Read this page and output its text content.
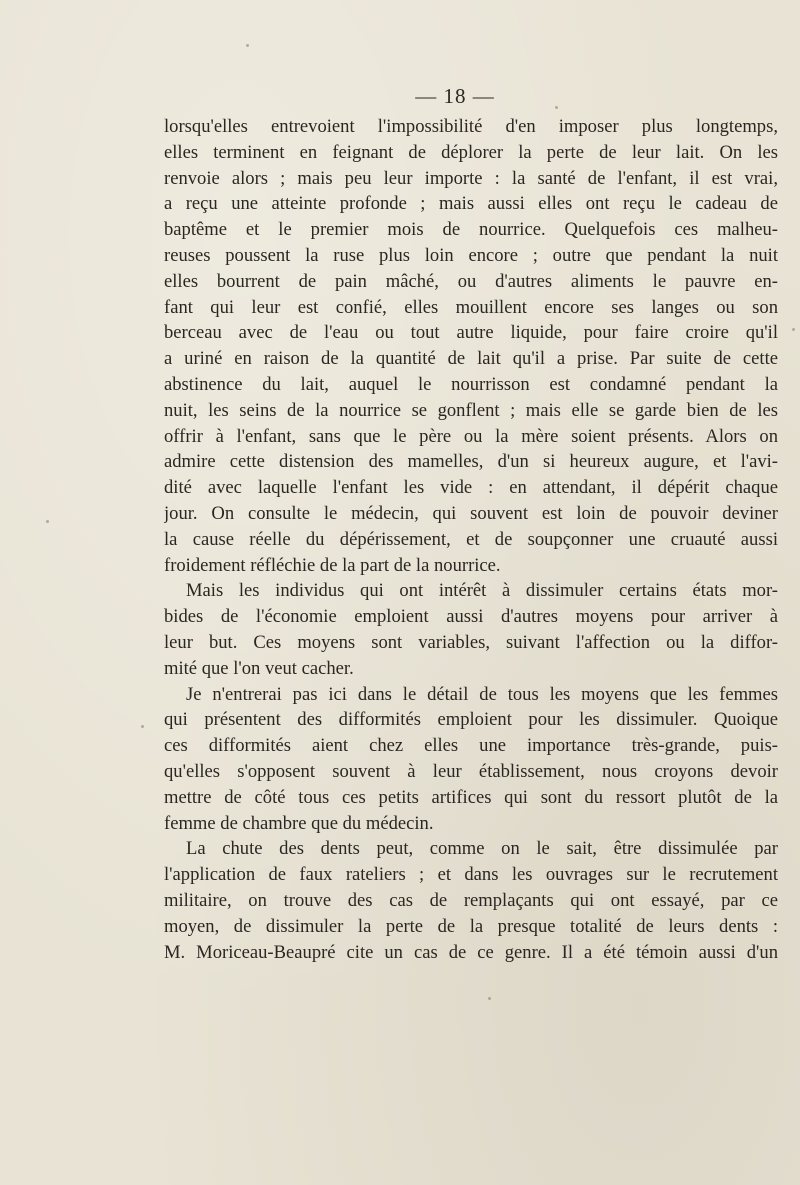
— 18 —
lorsqu'elles entrevoient l'impossibilité d'en imposer plus longtemps,
elles terminent en feignant de déplorer la perte de leur lait. On les
renvoie alors ; mais peu leur importe : la santé de l'enfant, il est vrai,
a reçu une atteinte profonde ; mais aussi elles ont reçu le cadeau de
baptême et le premier mois de nourrice. Quelquefois ces malheu-
reuses poussent la ruse plus loin encore ; outre que pendant la nuit
elles bourrent de pain mâché, ou d'autres aliments le pauvre en-
fant qui leur est confié, elles mouillent encore ses langes ou son
berceau avec de l'eau ou tout autre liquide, pour faire croire qu'il
a uriné en raison de la quantité de lait qu'il a prise. Par suite de cette
abstinence du lait, auquel le nourrisson est condamné pendant la
nuit, les seins de la nourrice se gonflent ; mais elle se garde bien de les
offrir à l'enfant, sans que le père ou la mère soient présents. Alors on
admire cette distension des mamelles, d'un si heureux augure, et l'avi-
dité avec laquelle l'enfant les vide : en attendant, il dépérit chaque
jour. On consulte le médecin, qui souvent est loin de pouvoir deviner
la cause réelle du dépérissement, et de soupçonner une cruauté aussi
froidement réfléchie de la part de la nourrice.
Mais les individus qui ont intérêt à dissimuler certains états mor-
bides de l'économie emploient aussi d'autres moyens pour arriver à
leur but. Ces moyens sont variables, suivant l'affection ou la diffor-
mité que l'on veut cacher.
Je n'entrerai pas ici dans le détail de tous les moyens que les femmes
qui présentent des difformités emploient pour les dissimuler. Quoique
ces difformités aient chez elles une importance très-grande, puis-
qu'elles s'opposent souvent à leur établissement, nous croyons devoir
mettre de côté tous ces petits artifices qui sont du ressort plutôt de la
femme de chambre que du médecin.
La chute des dents peut, comme on le sait, être dissimulée par
l'application de faux rateliers ; et dans les ouvrages sur le recrutement
militaire, on trouve des cas de remplaçants qui ont essayé, par ce
moyen, de dissimuler la perte de la presque totalité de leurs dents :
M. Moriceau-Beaupré cite un cas de ce genre. Il a été témoin aussi d'un
